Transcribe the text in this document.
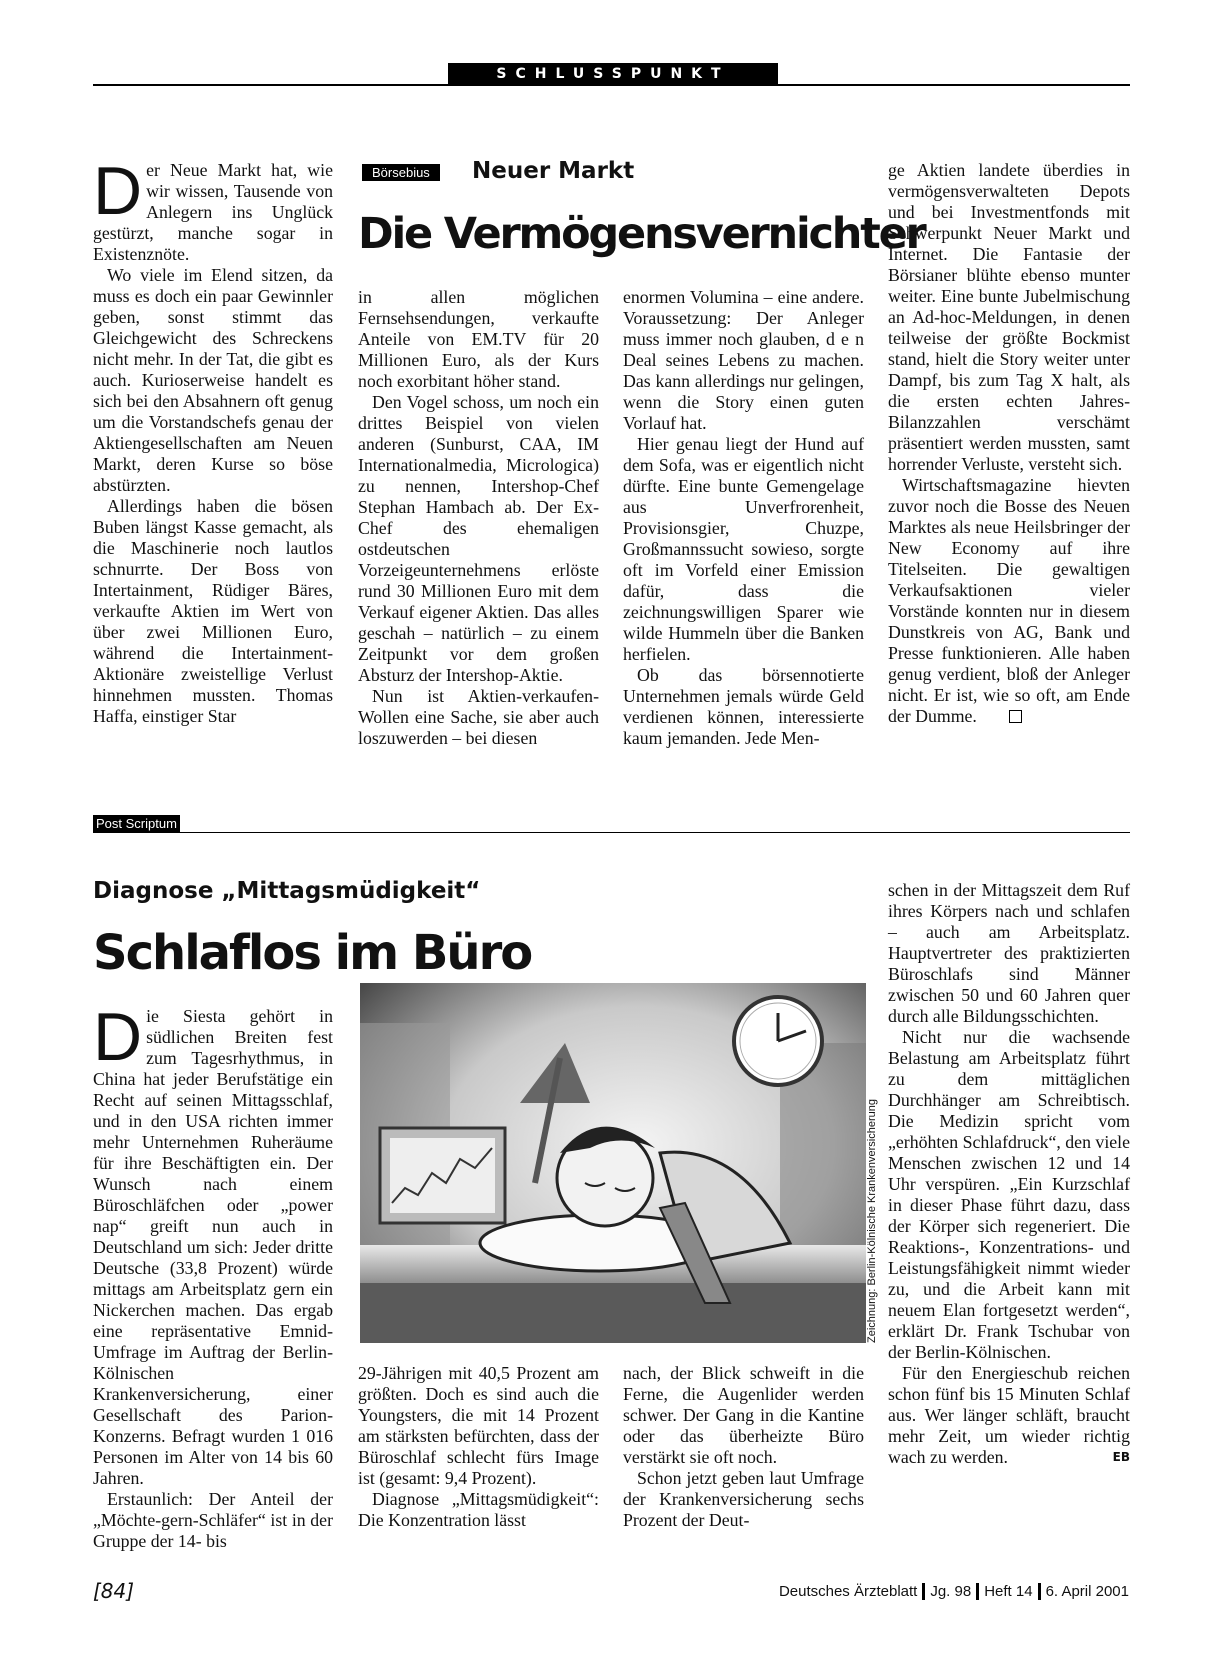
SCHLUSSPUNKT

Der Neue Markt hat, wie wir wissen, Tausende von Anlegern ins Unglück gestürzt, manche sogar in Existenznöte.

Wo viele im Elend sitzen, da muss es doch ein paar Gewinnler geben, sonst stimmt das Gleichgewicht des Schreckens nicht mehr. In der Tat, die gibt es auch. Kurioserweise handelt es sich bei den Absahnern oft genug um die Vorstandschefs genau der Aktiengesellschaften am Neuen Markt, deren Kurse so böse abstürzten.

Allerdings haben die bösen Buben längst Kasse gemacht, als die Maschinerie noch lautlos schnurrte. Der Boss von Intertainment, Rüdiger Bäres, verkaufte Aktien im Wert von über zwei Millionen Euro, während die Intertainment-Aktionäre zweistellige Verlust hinnehmen mussten. Thomas Haffa, einstiger Star

Börsebius	Neuer Markt
Die Vermögensvernichter

in allen möglichen Fernsehsendungen, verkaufte Anteile von EM.TV für 20 Millionen Euro, als der Kurs noch exorbitant höher stand.

Den Vogel schoss, um noch ein drittes Beispiel von vielen anderen (Sunburst, CAA, IM Internationalmedia, Micrologica) zu nennen, Intershop-Chef Stephan Hambach ab. Der Ex-Chef des ehemaligen ostdeutschen Vorzeigeunternehmens erlöste rund 30 Millionen Euro mit dem Verkauf eigener Aktien. Das alles geschah – natürlich – zu einem Zeitpunkt vor dem großen Absturz der Intershop-Aktie.

Nun ist Aktien-verkaufen-Wollen eine Sache, sie aber auch loszuwerden – bei diesen

enormen Volumina – eine andere. Voraussetzung: Der Anleger muss immer noch glauben, d e n Deal seines Lebens zu machen. Das kann allerdings nur gelingen, wenn die Story einen guten Vorlauf hat.

Hier genau liegt der Hund auf dem Sofa, was er eigentlich nicht dürfte. Eine bunte Gemengelage aus Unverfrorenheit, Provisionsgier, Chuzpe, Großmannssucht sowieso, sorgte oft im Vorfeld einer Emission dafür, dass die zeichnungswilligen Sparer wie wilde Hummeln über die Banken herfielen.

Ob das börsennotierte Unternehmen jemals würde Geld verdienen können, interessierte kaum jemanden. Jede Men-

ge Aktien landete überdies in vermögensverwalteten Depots und bei Investmentfonds mit Schwerpunkt Neuer Markt und Internet. Die Fantasie der Börsianer blühte ebenso munter weiter. Eine bunte Jubelmischung an Ad-hoc-Meldungen, in denen teilweise der größte Bockmist stand, hielt die Story weiter unter Dampf, bis zum Tag X halt, als die ersten echten Jahres-Bilanzzahlen verschämt präsentiert werden mussten, samt horrender Verluste, versteht sich.

Wirtschaftsmagazine hievten zuvor noch die Bosse des Neuen Marktes als neue Heilsbringer der New Economy auf ihre Titelseiten. Die gewaltigen Verkaufsaktionen vieler Vorstände konnten nur in diesem Dunstkreis von AG, Bank und Presse funktionieren. Alle haben genug verdient, bloß der Anleger nicht. Er ist, wie so oft, am Ende der Dumme.

Post Scriptum
Diagnose „Mittagsmüdigkeit“
Schlaflos im Büro

Die Siesta gehört in südlichen Breiten fest zum Tagesrhythmus, in China hat jeder Berufstätige ein Recht auf seinen Mittagsschlaf, und in den USA richten immer mehr Unternehmen Ruheräume für ihre Beschäftigten ein. Der Wunsch nach einem Büroschläfchen oder „power nap“ greift nun auch in Deutschland um sich: Jeder dritte Deutsche (33,8 Prozent) würde mittags am Arbeitsplatz gern ein Nickerchen machen. Das ergab eine repräsentative Emnid-Umfrage im Auftrag der Berlin-Kölnischen Krankenversicherung, einer Gesellschaft des Parion-Konzerns. Befragt wurden 1 016 Personen im Alter von 14 bis 60 Jahren.

Erstaunlich: Der Anteil der „Möchte-gern-Schläfer“ ist in der Gruppe der 14- bis

Zeichnung: Berlin-Kölnische Krankenversicherung

29-Jährigen mit 40,5 Prozent am größten. Doch es sind auch die Youngsters, die mit 14 Prozent am stärksten befürchten, dass der Büroschlaf schlecht fürs Image ist (gesamt: 9,4 Prozent).

Diagnose „Mittagsmüdigkeit“: Die Konzentration lässt

nach, der Blick schweift in die Ferne, die Augenlider werden schwer. Der Gang in die Kantine oder das überheizte Büro verstärkt sie oft noch.

Schon jetzt geben laut Umfrage der Krankenversicherung sechs Prozent der Deut-

schen in der Mittagszeit dem Ruf ihres Körpers nach und schlafen – auch am Arbeitsplatz. Hauptvertreter des praktizierten Büroschlafs sind Männer zwischen 50 und 60 Jahren quer durch alle Bildungsschichten.

Nicht nur die wachsende Belastung am Arbeitsplatz führt zu dem mittäglichen Durchhänger am Schreibtisch. Die Medizin spricht vom „erhöhten Schlafdruck“, den viele Menschen zwischen 12 und 14 Uhr verspüren. „Ein Kurzschlaf in dieser Phase führt dazu, dass der Körper sich regeneriert. Die Reaktions-, Konzentrations- und Leistungsfähigkeit nimmt wieder zu, und die Arbeit kann mit neuem Elan fortgesetzt werden“, erklärt Dr. Frank Tschubar von der Berlin-Kölnischen.

Für den Energieschub reichen schon fünf bis 15 Minuten Schlaf aus. Wer länger schläft, braucht mehr Zeit, um wieder richtig wach zu werden.	EB

[84]	Deutsches Ärzteblatt Jg. 98 Heft 14 6. April 2001
